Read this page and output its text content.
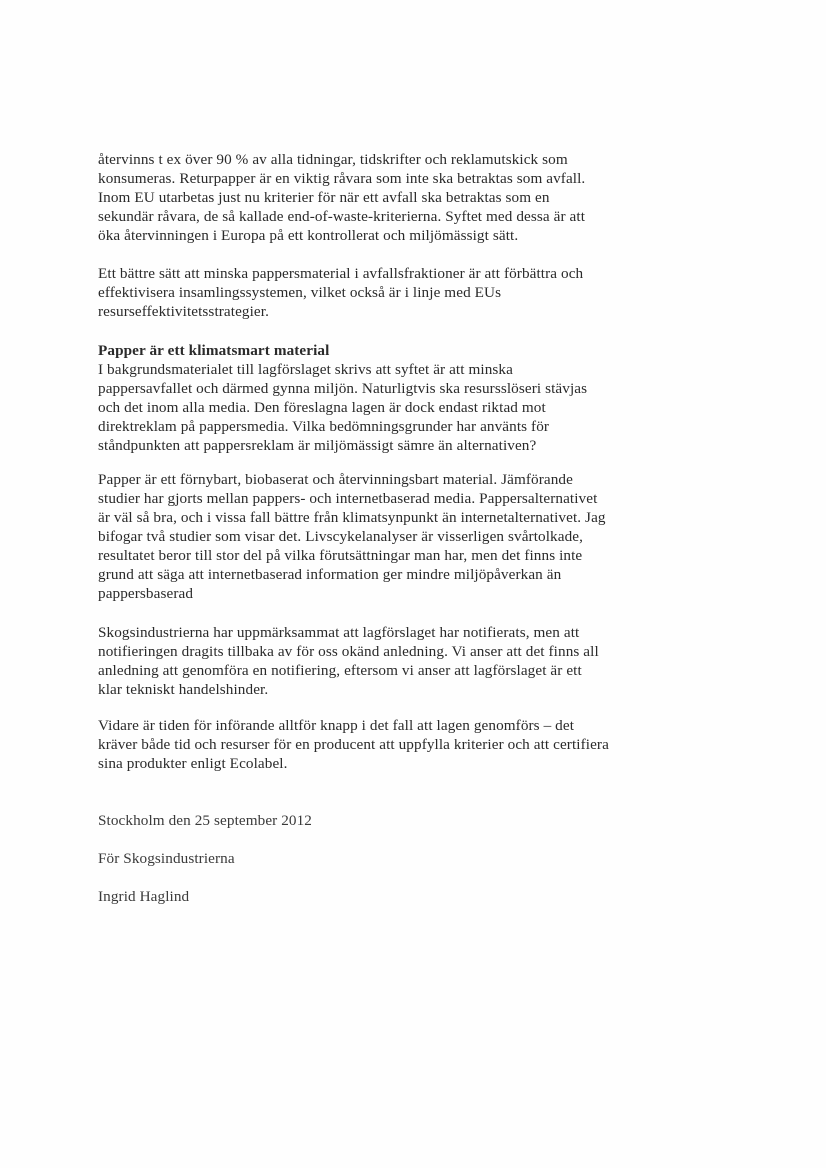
återvinns t ex över 90 % av alla tidningar, tidskrifter och reklamutskick som
konsumeras. Returpapper är en viktig råvara som inte ska betraktas som avfall.
Inom EU utarbetas just nu kriterier för när ett avfall ska betraktas som en
sekundär råvara, de så kallade end-of-waste-kriterierna. Syftet med dessa är att
öka återvinningen i Europa på ett kontrollerat och miljömässigt sätt.
Ett bättre sätt att minska pappersmaterial i avfallsfraktioner är att förbättra och
effektivisera insamlingssystemen, vilket också är i linje med EUs
resurseffektivitetsstrategier.
Papper är ett klimatsmart material
I bakgrundsmaterialet till lagförslaget skrivs att syftet är att minska
pappersavfallet och därmed gynna miljön. Naturligtvis ska resursslöseri stävjas
och det inom alla media. Den föreslagna lagen är dock endast riktad mot
direktreklam på pappersmedia. Vilka bedömningsgrunder har använts för
ståndpunkten att pappersreklam är miljömässigt sämre än alternativen?
Papper är ett förnybart, biobaserat och återvinningsbart material. Jämförande
studier har gjorts mellan pappers- och internetbaserad media. Pappersalternativet
är väl så bra, och i vissa fall bättre från klimatsynpunkt än internetalternativet. Jag
bifogar två studier som visar det. Livscykelanalyser är visserligen svårtolkade,
resultatet beror till stor del på vilka förutsättningar man har, men det finns inte
grund att säga att internetbaserad information ger mindre miljöpåverkan än
pappersbaserad
Skogsindustrierna har uppmärksammat att lagförslaget har notifierats, men att
notifieringen dragits tillbaka av för oss okänd anledning. Vi anser att det finns all
anledning att genomföra en notifiering, eftersom vi anser att lagförslaget är ett
klar tekniskt handelshinder.
Vidare är tiden för införande alltför knapp i det fall att lagen genomförs – det
kräver både tid och resurser för en producent att uppfylla kriterier och att certifiera
sina produkter enligt Ecolabel.
Stockholm den 25 september 2012
För Skogsindustrierna
Ingrid Haglind
